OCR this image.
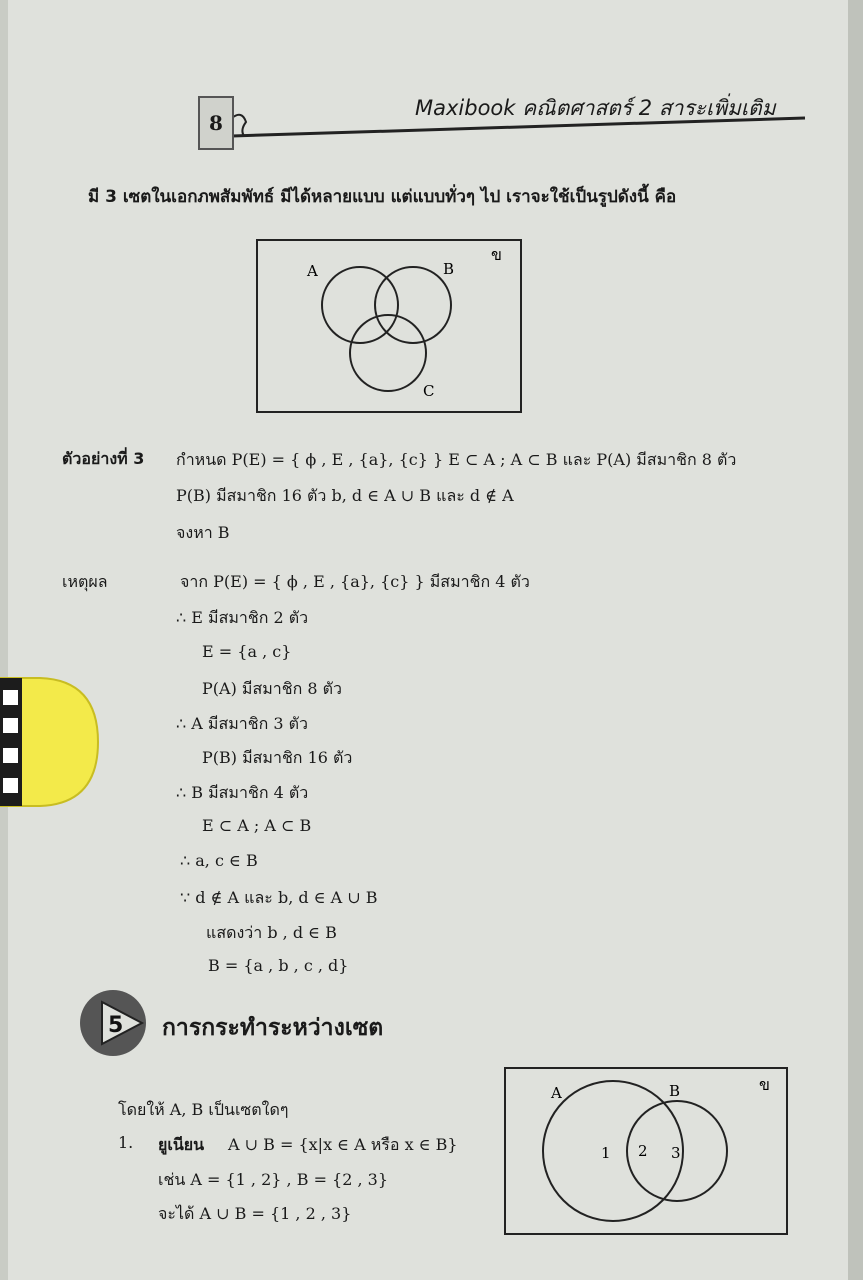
8
Maxibook คณิตศาสตร์ 2 สาระเพิ่มเติม
มี 3 เซตในเอกภพสัมพัทธ์ มีได้หลายแบบ แต่แบบทั่วๆ ไป เราจะใช้เป็นรูปดังนี้ คือ
A	B
ข
C
ตัวอย่างที่ 3 กำหนด P(E) = { ϕ , E , {a}, {c} } E ⊂ A ; A ⊂ B และ P(A) มีสมาชิก 8 ตัว
P(B) มีสมาชิก 16 ตัว b, d ∈ A ∪ B และ d ∉ A
จงหา B
เหตุผล	จาก P(E) = { ϕ , E , {a}, {c} } มีสมาชิก 4 ตัว
∴ E มีสมาชิก 2 ตัว
E = {a , c}
P(A) มีสมาชิก 8 ตัว
∴ A มีสมาชิก 3 ตัว
P(B) มีสมาชิก 16 ตัว
∴ B มีสมาชิก 4 ตัว
E ⊂ A ; A ⊂ B
∴ a, c ∈ B
∵ d ∉ A และ b, d ∈ A ∪ B
แสดงว่า b , d ∈ B
B = {a , b , c , d}
5 การกระทำระหว่างเซต
โดยให้ A, B เป็นเซตใดๆ
1. ยูเนียน A ∪ B = {x|x ∈ A หรือ x ∈ B}
เช่น A = {1 , 2} , B = {2 , 3}
จะได้ A ∪ B = {1 , 2 , 3}
A	B	ข
1 2 3
